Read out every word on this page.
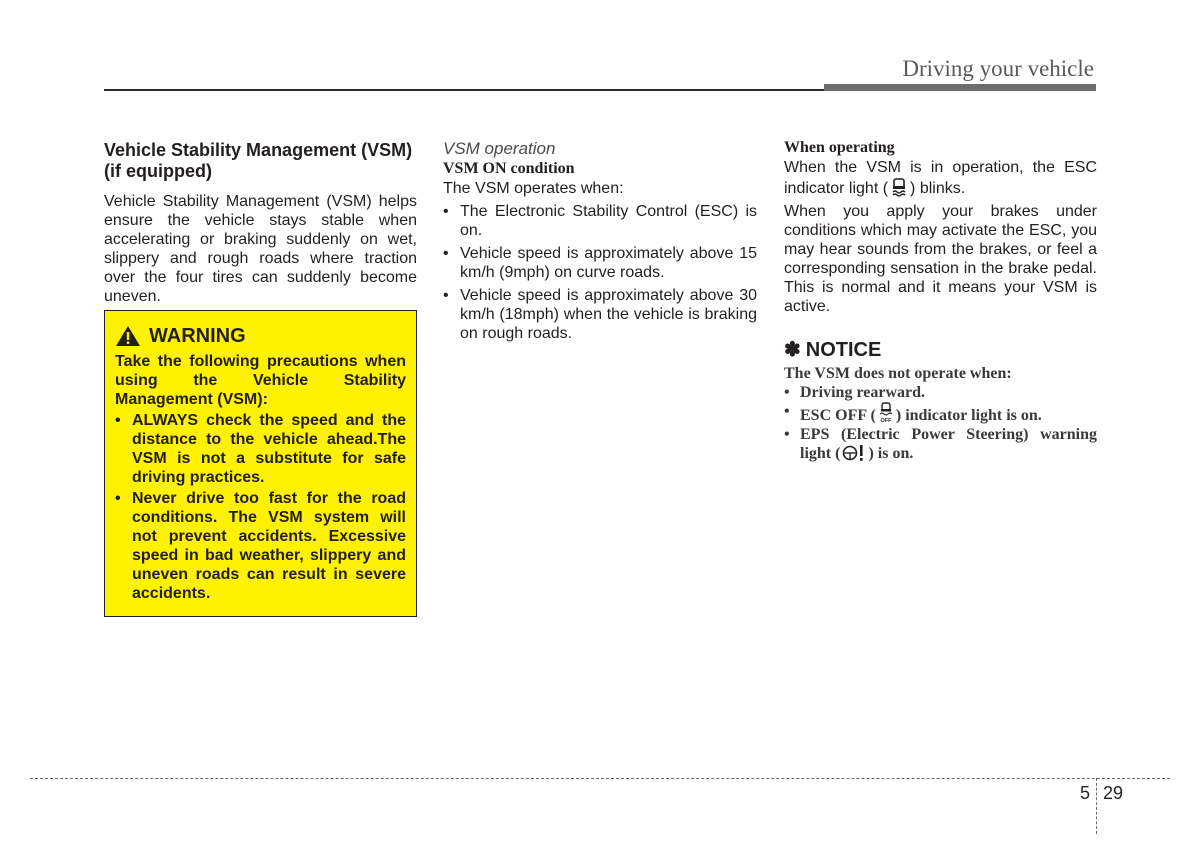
Driving your vehicle
Vehicle Stability Management (VSM) (if equipped)

Vehicle Stability Management (VSM) helps ensure the vehicle stays stable when accelerating or braking suddenly on wet, slippery and rough roads where traction over the four tires can suddenly become uneven.

WARNING

Take the following precautions when using the Vehicle Stability Management (VSM):

• ALWAYS check the speed and the distance to the vehicle ahead.The VSM is not a substitute for safe driving practices.
• Never drive too fast for the road conditions. The VSM system will not prevent accidents. Excessive speed in bad weather, slippery and uneven roads can result in severe accidents.
VSM operation
VSM ON condition

The VSM operates when:

• The Electronic Stability Control (ESC) is on.
• Vehicle speed is approximately above 15 km/h (9mph) on curve roads.
• Vehicle speed is approximately above 30 km/h (18mph) when the vehicle is braking on rough roads.
When operating

When the VSM is in operation, the ESC indicator light ( ) blinks.

When you apply your brakes under conditions which may activate the ESC, you may hear sounds from the brakes, or feel a corresponding sensation in the brake pedal. This is normal and it means your VSM is active.

✽ NOTICE
The VSM does not operate when:
• Driving rearward.
• ESC OFF ( OFF ) indicator light is on.
• EPS (Electric Power Steering) warning light ( ) is on.
5 29
